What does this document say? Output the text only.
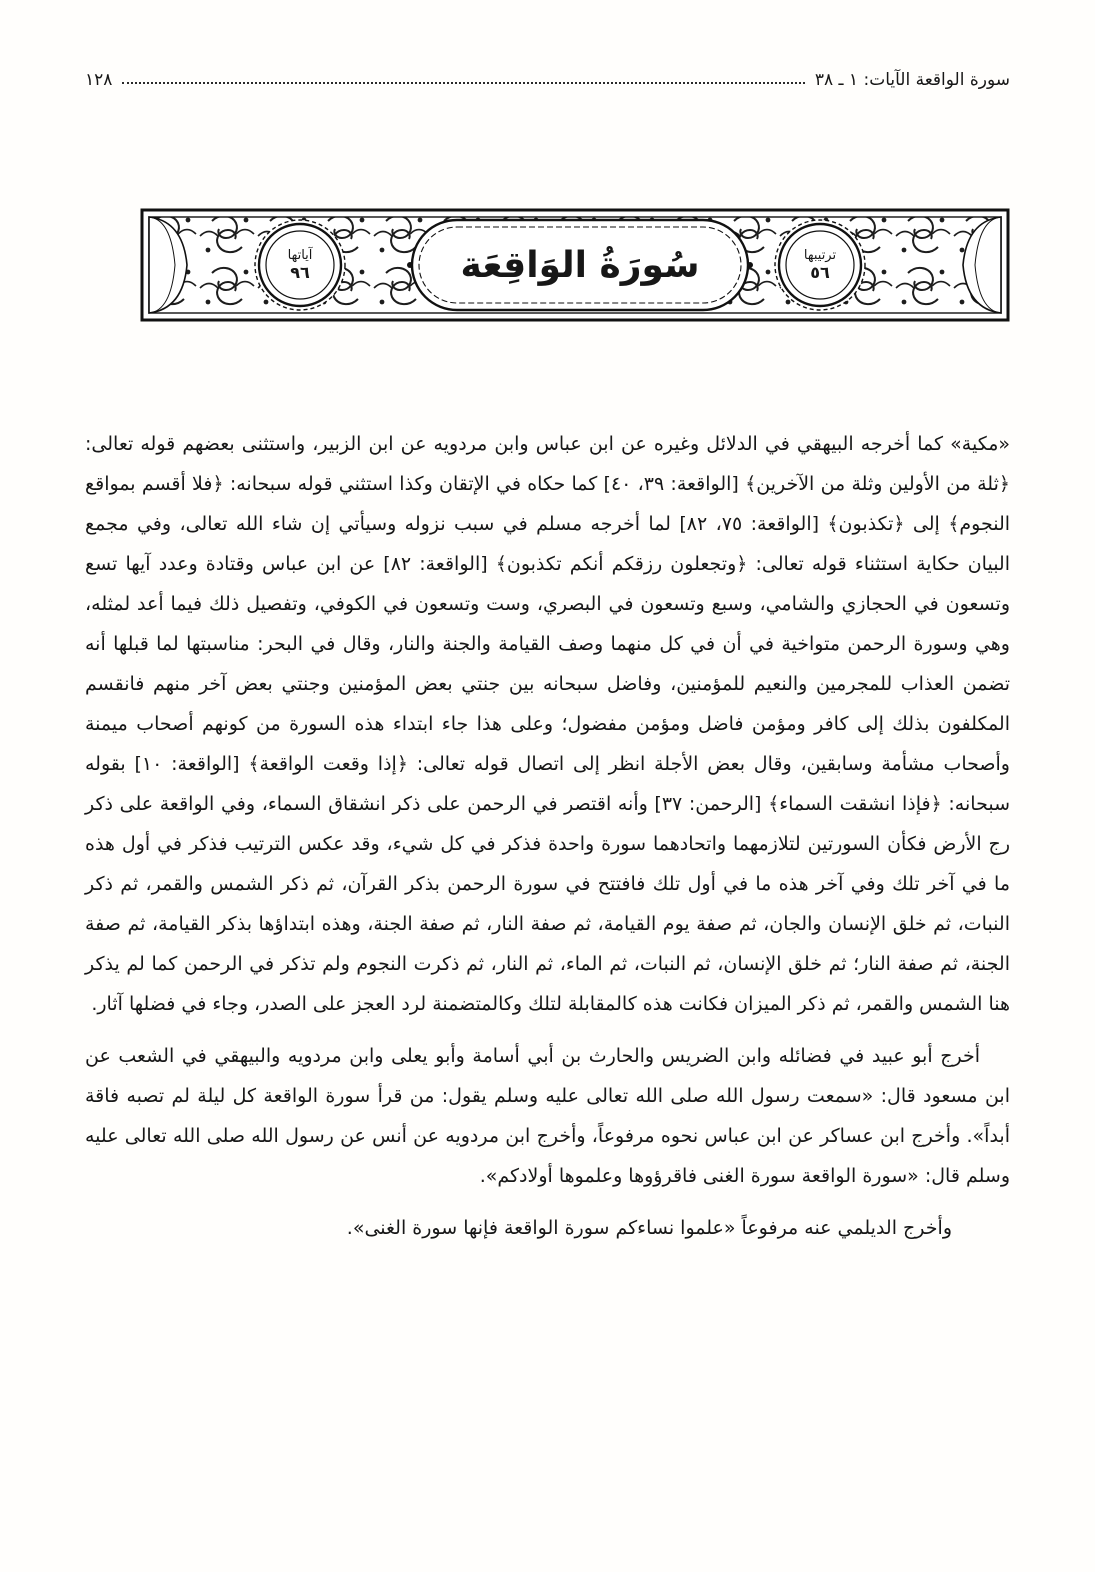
سورة الواقعة الآيات: ١ ـ ٣٨
١٢٨
آياتها
٩٦	سُورَةُ الوَاقِعَة	ترتيبها
٥٦

«مكية» كما أخرجه البيهقي في الدلائل وغيره عن ابن عباس وابن مردويه عن ابن الزبير، واستثنى بعضهم قوله تعالى: ﴿ثلة من الأولين وثلة من الآخرين﴾ [الواقعة: ٣٩، ٤٠] كما حكاه في الإتقان وكذا استثني قوله سبحانه: ﴿فلا أقسم بمواقع النجوم﴾ إلى ﴿تكذبون﴾ [الواقعة: ٧٥، ٨٢] لما أخرجه مسلم في سبب نزوله وسيأتي إن شاء الله تعالى، وفي مجمع البيان حكاية استثناء قوله تعالى: ﴿وتجعلون رزقكم أنكم تكذبون﴾ [الواقعة: ٨٢] عن ابن عباس وقتادة وعدد آيها تسع وتسعون في الحجازي والشامي، وسبع وتسعون في البصري، وست وتسعون في الكوفي، وتفصيل ذلك فيما أعد لمثله، وهي وسورة الرحمن متواخية في أن في كل منهما وصف القيامة والجنة والنار، وقال في البحر: مناسبتها لما قبلها أنه تضمن العذاب للمجرمين والنعيم للمؤمنين، وفاضل سبحانه بين جنتي بعض المؤمنين وجنتي بعض آخر منهم فانقسم المكلفون بذلك إلى كافر ومؤمن فاضل ومؤمن مفضول؛ وعلى هذا جاء ابتداء هذه السورة من كونهم أصحاب ميمنة وأصحاب مشأمة وسابقين، وقال بعض الأجلة انظر إلى اتصال قوله تعالى: ﴿إذا وقعت الواقعة﴾ [الواقعة: ١٠] بقوله سبحانه: ﴿فإذا انشقت السماء﴾ [الرحمن: ٣٧] وأنه اقتصر في الرحمن على ذكر انشقاق السماء، وفي الواقعة على ذكر رج الأرض فكأن السورتين لتلازمهما واتحادهما سورة واحدة فذكر في كل شيء، وقد عكس الترتيب فذكر في أول هذه ما في آخر تلك وفي آخر هذه ما في أول تلك فافتتح في سورة الرحمن بذكر القرآن، ثم ذكر الشمس والقمر، ثم ذكر النبات، ثم خلق الإنسان والجان، ثم صفة يوم القيامة، ثم صفة النار، ثم صفة الجنة، وهذه ابتداؤها بذكر القيامة، ثم صفة الجنة، ثم صفة النار؛ ثم خلق الإنسان، ثم النبات، ثم الماء، ثم النار، ثم ذكرت النجوم ولم تذكر في الرحمن كما لم يذكر هنا الشمس والقمر، ثم ذكر الميزان فكانت هذه كالمقابلة لتلك وكالمتضمنة لرد العجز على الصدر، وجاء في فضلها آثار.

أخرج أبو عبيد في فضائله وابن الضريس والحارث بن أبي أسامة وأبو يعلى وابن مردويه والبيهقي في الشعب عن ابن مسعود قال: «سمعت رسول الله صلى الله تعالى عليه وسلم يقول: من قرأ سورة الواقعة كل ليلة لم تصبه فاقة أبداً». وأخرج ابن عساكر عن ابن عباس نحوه مرفوعاً، وأخرج ابن مردويه عن أنس عن رسول الله صلى الله تعالى عليه وسلم قال: «سورة الواقعة سورة الغنى فاقرؤوها وعلموها أولادكم».

وأخرج الديلمي عنه مرفوعاً «علموا نساءكم سورة الواقعة فإنها سورة الغنى».
